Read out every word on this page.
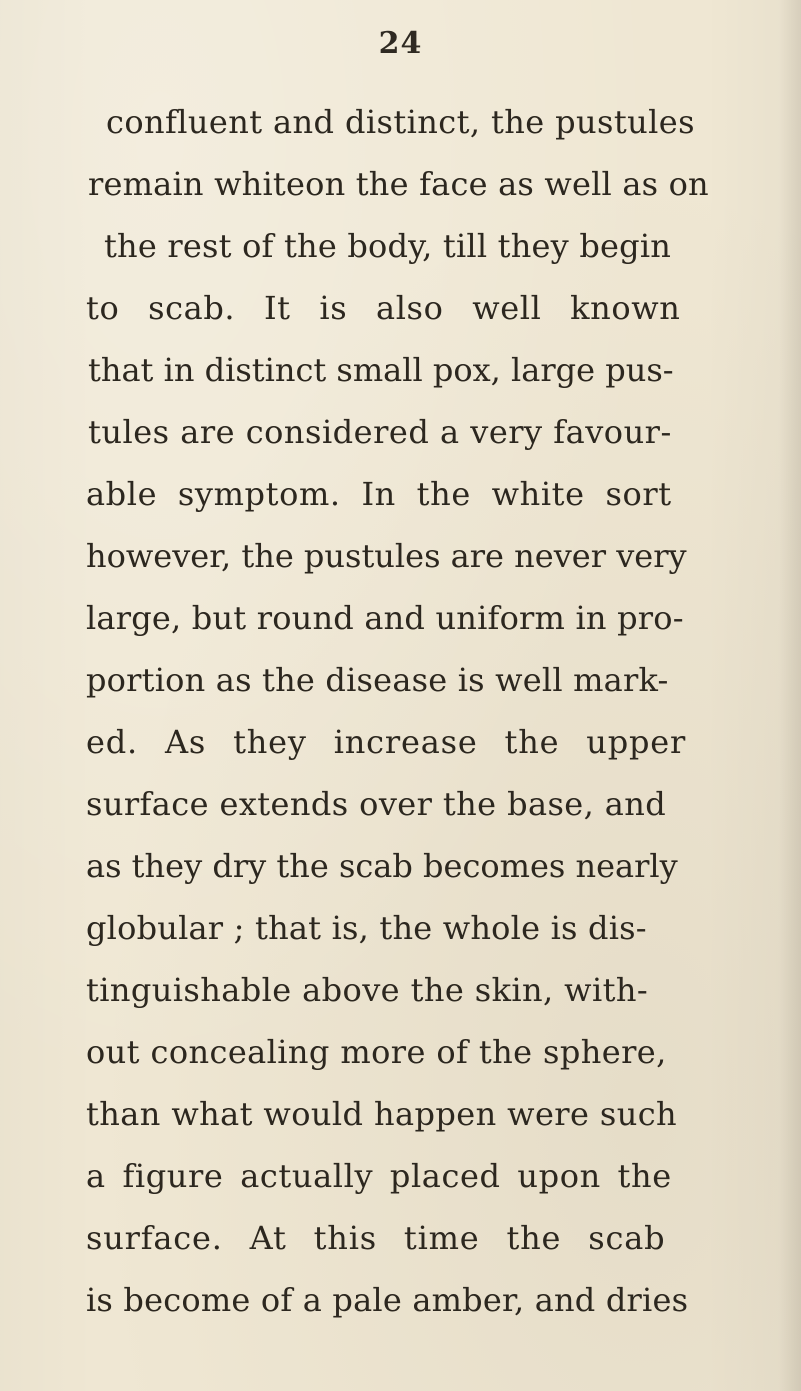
24
confluent and distinct, the pustules
remain whiteon the face as well as on
the rest of the body, till they begin
to scab. It is also well known
that in distinct small pox, large pus-
tules are considered a very favour-
able symptom. In the white sort
however, the pustules are never very
large, but round and uniform in pro-
portion as the disease is well mark-
ed. As they increase the upper
surface extends over the base, and
as they dry the scab becomes nearly
globular ; that is, the whole is dis-
tinguishable above the skin, with-
out concealing more of the sphere,
than what would happen were such
a figure actually placed upon the
surface. At this time the scab
is become of a pale amber, and dries
